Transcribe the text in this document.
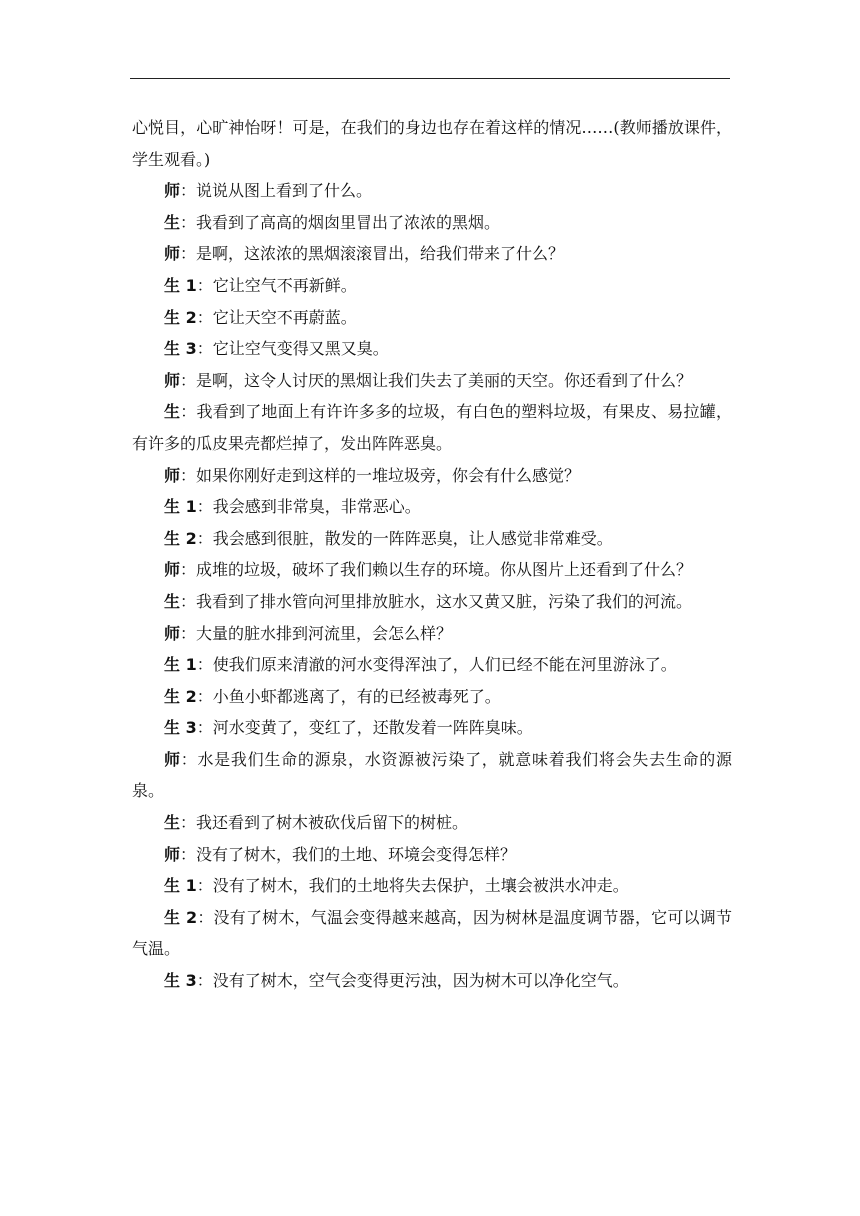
心悦目，心旷神怡呀！可是，在我们的身边也存在着这样的情况……(教师播放课件，学生观看。)

师：说说从图上看到了什么。

生：我看到了高高的烟囱里冒出了浓浓的黑烟。

师：是啊，这浓浓的黑烟滚滚冒出，给我们带来了什么？

生 1：它让空气不再新鲜。

生 2：它让天空不再蔚蓝。

生 3：它让空气变得又黑又臭。

师：是啊，这令人讨厌的黑烟让我们失去了美丽的天空。你还看到了什么？

生：我看到了地面上有许许多多的垃圾，有白色的塑料垃圾，有果皮、易拉罐，有许多的瓜皮果壳都烂掉了，发出阵阵恶臭。

师：如果你刚好走到这样的一堆垃圾旁，你会有什么感觉？

生 1：我会感到非常臭，非常恶心。

生 2：我会感到很脏，散发的一阵阵恶臭，让人感觉非常难受。

师：成堆的垃圾，破坏了我们赖以生存的环境。你从图片上还看到了什么？

生：我看到了排水管向河里排放脏水，这水又黄又脏，污染了我们的河流。

师：大量的脏水排到河流里，会怎么样？

生 1：使我们原来清澈的河水变得浑浊了，人们已经不能在河里游泳了。

生 2：小鱼小虾都逃离了，有的已经被毒死了。

生 3：河水变黄了，变红了，还散发着一阵阵臭味。

师：水是我们生命的源泉，水资源被污染了，就意味着我们将会失去生命的源泉。

生：我还看到了树木被砍伐后留下的树桩。

师：没有了树木，我们的土地、环境会变得怎样？

生 1：没有了树木，我们的土地将失去保护，土壤会被洪水冲走。

生 2：没有了树木，气温会变得越来越高，因为树林是温度调节器，它可以调节气温。

生 3：没有了树木，空气会变得更污浊，因为树木可以净化空气。
